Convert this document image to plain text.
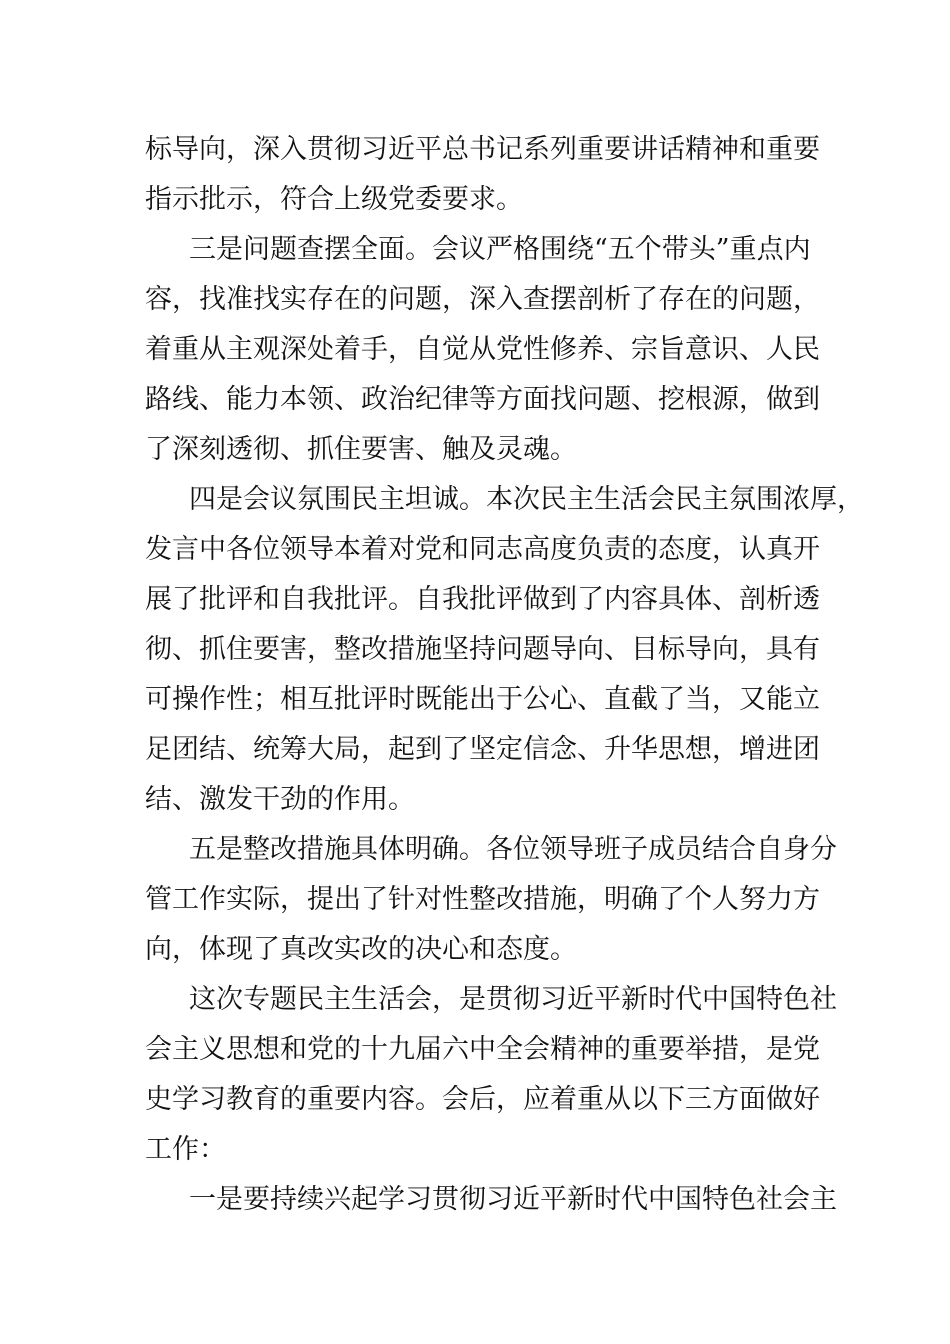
标导向，深入贯彻习近平总书记系列重要讲话精神和重要
指示批示，符合上级党委要求。
三是问题查摆全面。会议严格围绕“五个带头”重点内
容，找准找实存在的问题，深入查摆剖析了存在的问题，
着重从主观深处着手，自觉从党性修养、宗旨意识、人民
路线、能力本领、政治纪律等方面找问题、挖根源，做到
了深刻透彻、抓住要害、触及灵魂。
四是会议氛围民主坦诚。本次民主生活会民主氛围浓厚，
发言中各位领导本着对党和同志高度负责的态度，认真开
展了批评和自我批评。自我批评做到了内容具体、剖析透
彻、抓住要害，整改措施坚持问题导向、目标导向，具有
可操作性；相互批评时既能出于公心、直截了当，又能立
足团结、统筹大局，起到了坚定信念、升华思想，增进团
结、激发干劲的作用。
五是整改措施具体明确。各位领导班子成员结合自身分
管工作实际，提出了针对性整改措施，明确了个人努力方
向，体现了真改实改的决心和态度。
这次专题民主生活会，是贯彻习近平新时代中国特色社
会主义思想和党的十九届六中全会精神的重要举措，是党
史学习教育的重要内容。会后，应着重从以下三方面做好
工作：
一是要持续兴起学习贯彻习近平新时代中国特色社会主
